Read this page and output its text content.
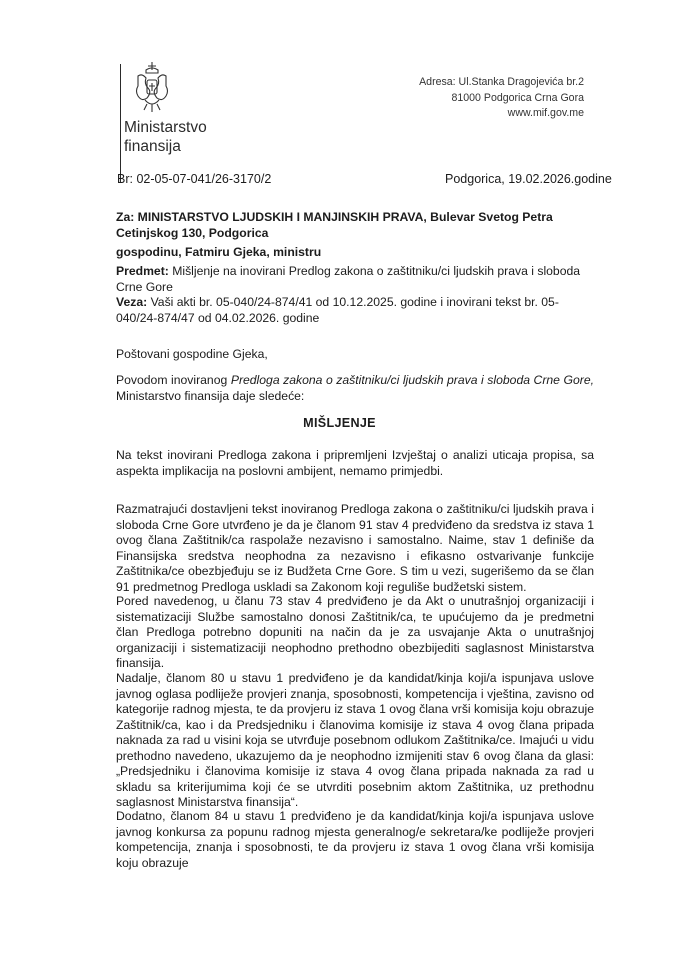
Ministarstvo
finansija
Adresa: Ul.Stanka Dragojevića br.2
81000 Podgorica Crna Gora
www.mif.gov.me
Br: 02-05-07-041/26-3170/2	Podgorica, 19.02.2026.godine
Za: MINISTARSTVO LJUDSKIH I MANJINSKIH PRAVA, Bulevar Svetog Petra Cetinjskog 130, Podgorica
gospodinu, Fatmiru Gjeka, ministru
Predmet: Mišljenje na inovirani Predlog zakona o zaštitniku/ci ljudskih prava i sloboda Crne Gore
Veza: Vaši akti br. 05-040/24-874/41 od 10.12.2025. godine i inovirani tekst br. 05-040/24-874/47 od 04.02.2026. godine
Poštovani gospodine Gjeka,
Povodom inoviranog Predloga zakona o zaštitniku/ci ljudskih prava i sloboda Crne Gore, Ministarstvo finansija daje sledeće:
MIŠLJENJE
Na tekst inovirani Predloga zakona i pripremljeni Izvještaj o analizi uticaja propisa, sa aspekta implikacija na poslovni ambijent, nemamo primjedbi.
Razmatrajući dostavljeni tekst inoviranog Predloga zakona o zaštitniku/ci ljudskih prava i sloboda Crne Gore utvrđeno je da je članom 91 stav 4 predviđeno da sredstva iz stava 1 ovog člana Zaštitnik/ca raspolaže nezavisno i samostalno. Naime, stav 1 definiše da Finansijska sredstva neophodna za nezavisno i efikasno ostvarivanje funkcije Zaštitnika/ce obezbjeđuju se iz Budžeta Crne Gore. S tim u vezi, sugerišemo da se član 91 predmetnog Predloga uskladi sa Zakonom koji reguliše budžetski sistem.
Pored navedenog, u članu 73 stav 4 predviđeno je da Akt o unutrašnjoj organizaciji i sistematizaciji Službe samostalno donosi Zaštitnik/ca, te upućujemo da je predmetni član Predloga potrebno dopuniti na način da je za usvajanje Akta o unutrašnjoj organizaciji i sistematizaciji neophodno prethodno obezbijediti saglasnost Ministarstva finansija.
Nadalje, članom 80 u stavu 1 predviđeno je da kandidat/kinja koji/a ispunjava uslove javnog oglasa podliježe provjeri znanja, sposobnosti, kompetencija i vještina, zavisno od kategorije radnog mjesta, te da provjeru iz stava 1 ovog člana vrši komisija koju obrazuje Zaštitnik/ca, kao i da Predsjedniku i članovima komisije iz stava 4 ovog člana pripada naknada za rad u visini koja se utvrđuje posebnom odlukom Zaštitnika/ce. Imajući u vidu prethodno navedeno, ukazujemo da je neophodno izmijeniti stav 6 ovog člana da glasi: „Predsjedniku i članovima komisije iz stava 4 ovog člana pripada naknada za rad u skladu sa kriterijumima koji će se utvrditi posebnim aktom Zaštitnika, uz prethodnu saglasnost Ministarstva finansija“.
Dodatno, članom 84 u stavu 1 predviđeno je da kandidat/kinja koji/a ispunjava uslove javnog konkursa za popunu radnog mjesta generalnog/e sekretara/ke podliježe provjeri kompetencija, znanja i sposobnosti, te da provjeru iz stava 1 ovog člana vrši komisija koju obrazuje
